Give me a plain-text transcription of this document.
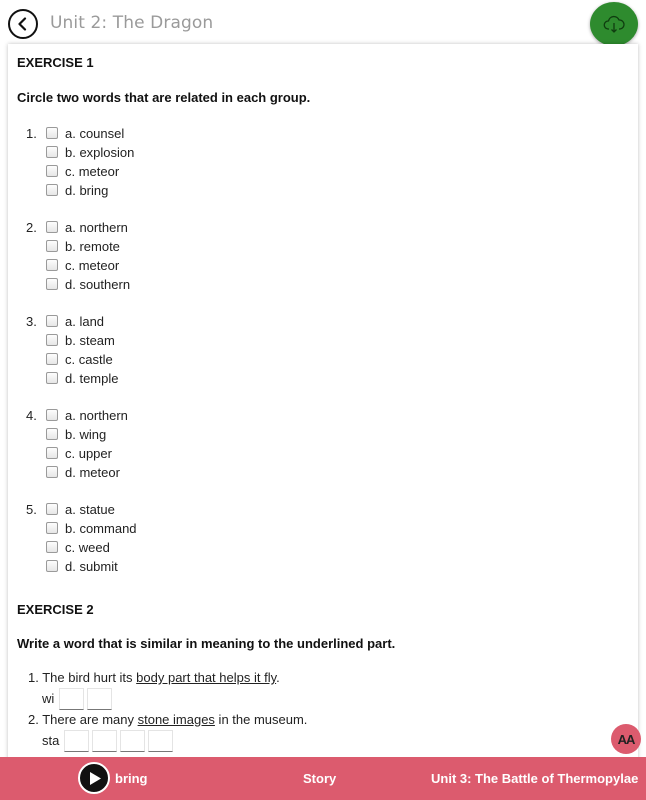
Unit 2: The Dragon
EXERCISE 1
Circle two words that are related in each group.
1. a. counsel
b. explosion
c. meteor
d. bring
2. a. northern
b. remote
c. meteor
d. southern
3. a. land
b. steam
c. castle
d. temple
4. a. northern
b. wing
c. upper
d. meteor
5. a. statue
b. command
c. weed
d. submit
EXERCISE 2
Write a word that is similar in meaning to the underlined part.
1. The bird hurt its body part that helps it fly.
wi
2. There are many stone images in the museum.
sta	AA
bring	Story	Unit 3: The Battle of Thermopylae
